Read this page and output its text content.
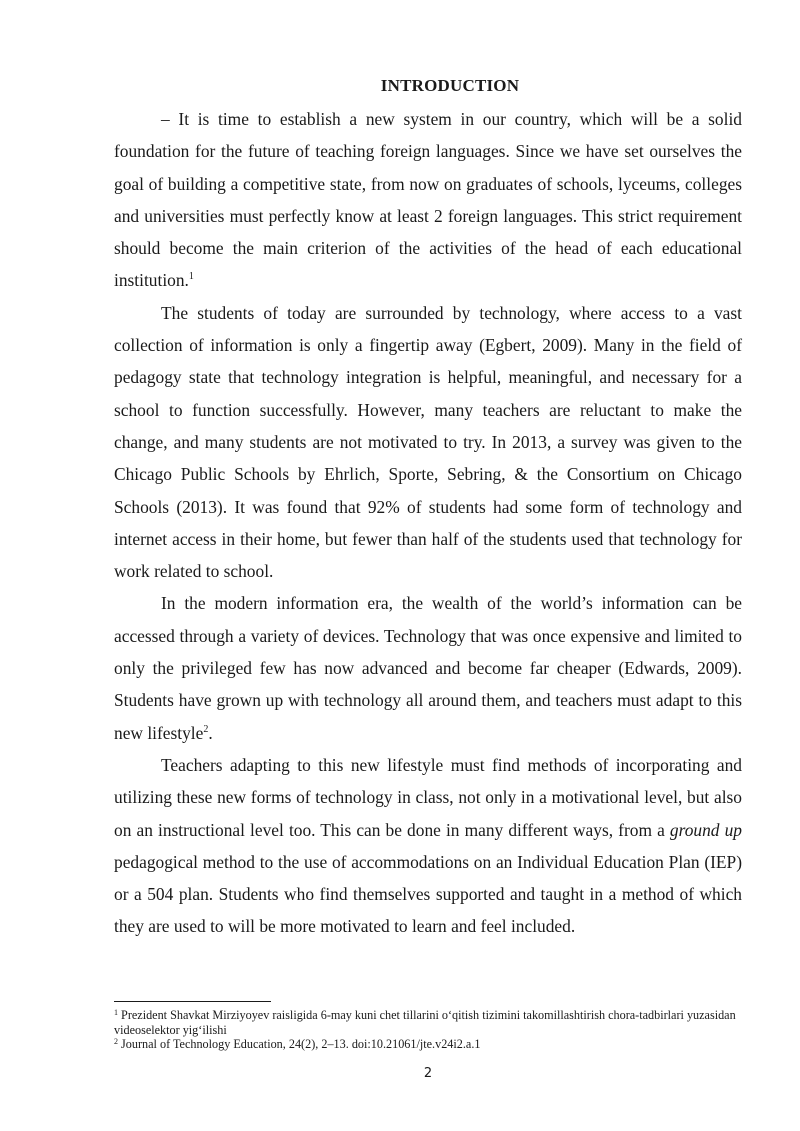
INTRODUCTION

– It is time to establish a new system in our country, which will be a solid foundation for the future of teaching foreign languages. Since we have set ourselves the goal of building a competitive state, from now on graduates of schools, lyceums, colleges and universities must perfectly know at least 2 foreign languages. This strict requirement should become the main criterion of the activities of the head of each educational institution.$^1$

The students of today are surrounded by technology, where access to a vast collection of information is only a fingertip away (Egbert, 2009). Many in the field of pedagogy state that technology integration is helpful, meaningful, and necessary for a school to function successfully. However, many teachers are reluctant to make the change, and many students are not motivated to try. In 2013, a survey was given to the Chicago Public Schools by Ehrlich, Sporte, Sebring, & the Consortium on Chicago Schools (2013). It was found that 92% of students had some form of technology and internet access in their home, but fewer than half of the students used that technology for work related to school.

In the modern information era, the wealth of the world’s information can be accessed through a variety of devices. Technology that was once expensive and limited to only the privileged few has now advanced and become far cheaper (Edwards, 2009). Students have grown up with technology all around them, and teachers must adapt to this new lifestyle$^2$.

Teachers adapting to this new lifestyle must find methods of incorporating and utilizing these new forms of technology in class, not only in a motivational level, but also on an instructional level too. This can be done in many different ways, from a ground up pedagogical method to the use of accommodations on an Individual Education Plan (IEP) or a 504 plan. Students who find themselves supported and taught in a method of which they are used to will be more motivated to learn and feel included.

$^1$ Prezident Shavkat Mirziyoyev raisligida 6-may kuni chet tillarini o‘qitish tizimini takomillashtirish chora-tadbirlari yuzasidan videoselektor yig‘ilishi
$^2$ Journal of Technology Education, 24(2), 2–13. doi:10.21061/jte.v24i2.a.1
2
